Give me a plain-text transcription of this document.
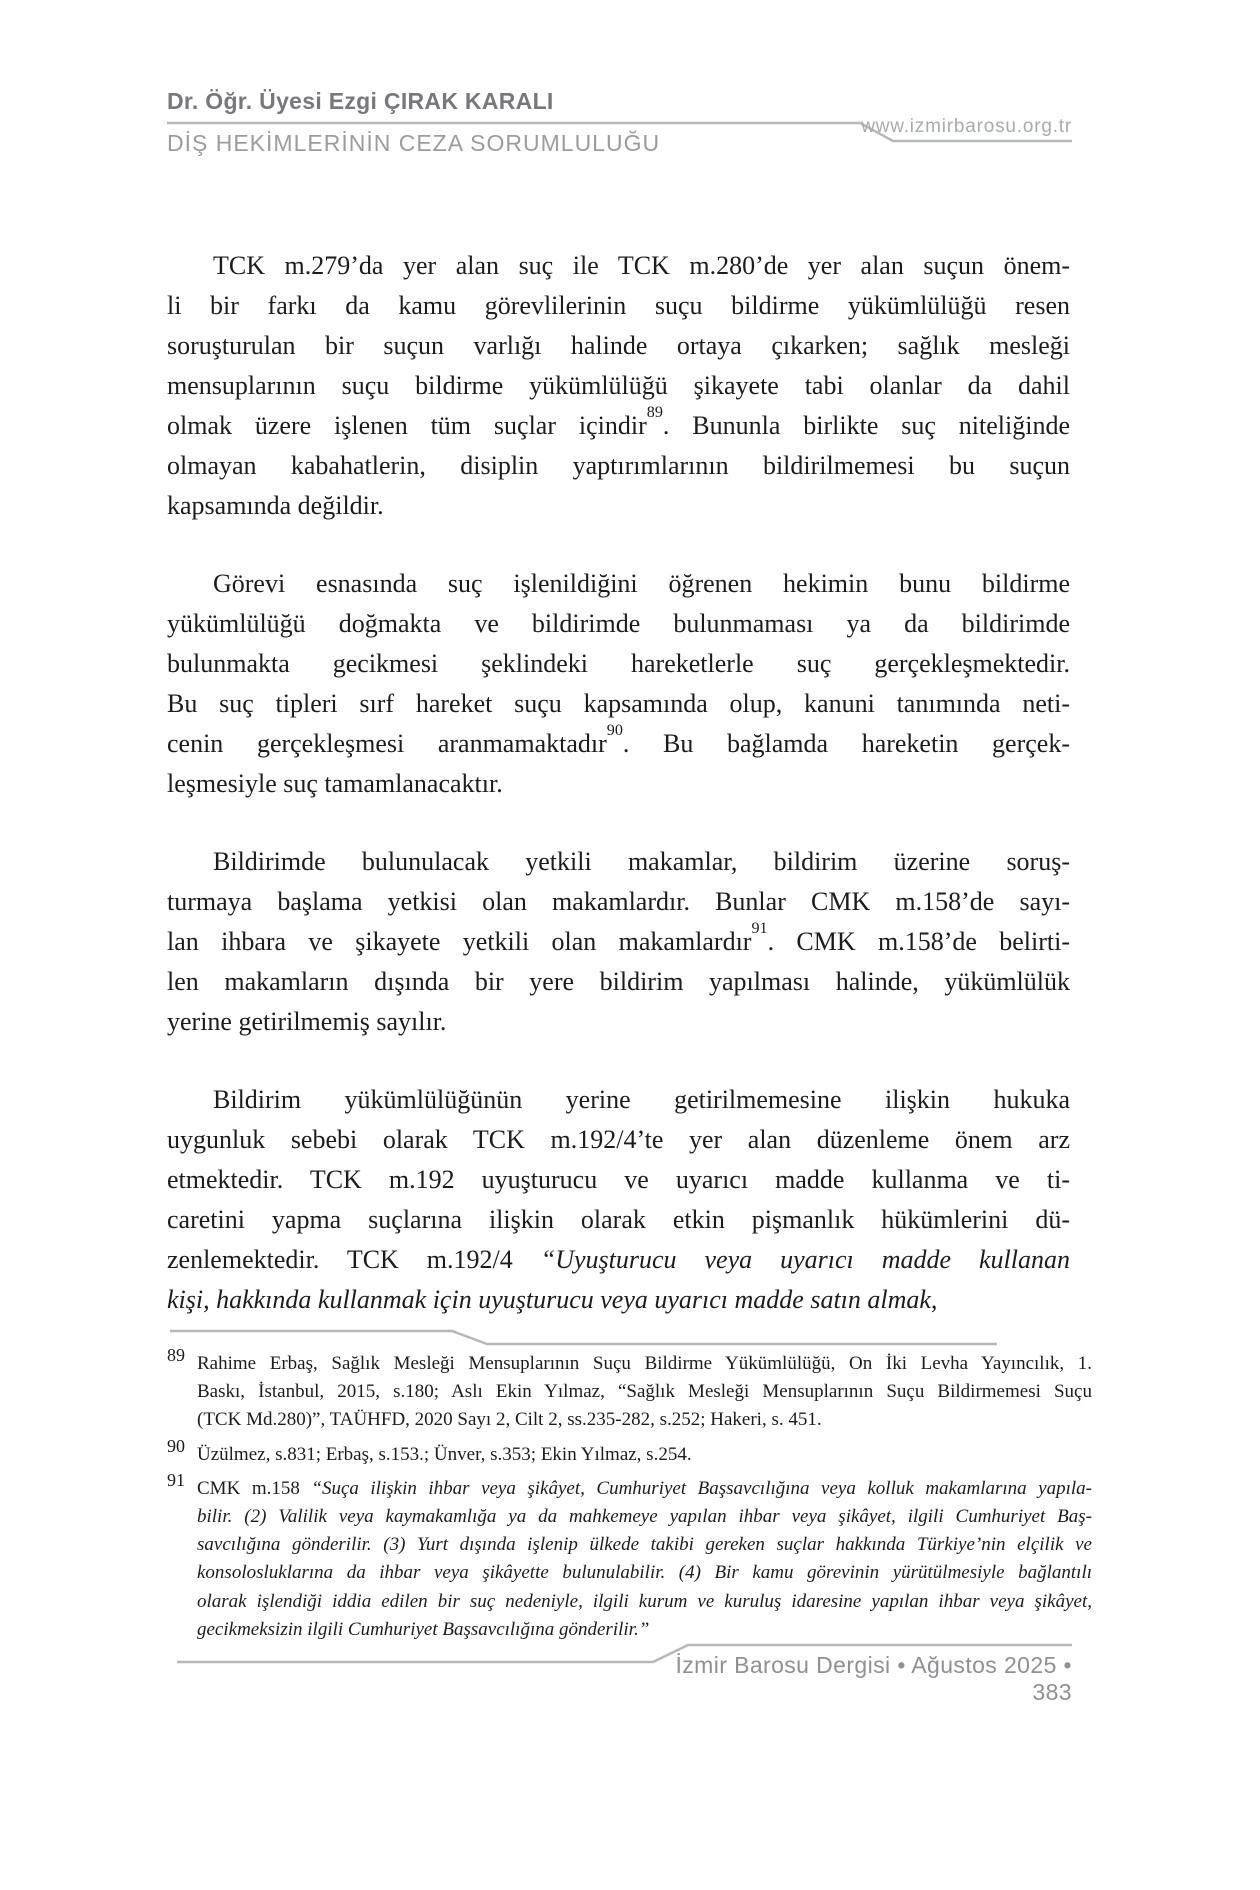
Dr. Öğr. Üyesi Ezgi ÇIRAK KARALI
www.izmirbarosu.org.tr
DİŞ HEKİMLERİNİN CEZA SORUMLULUĞU
TCK m.279’da yer alan suç ile TCK m.280’de yer alan suçun önem-
li bir farkı da kamu görevlilerinin suçu bildirme yükümlülüğü resen
soruşturulan bir suçun varlığı halinde ortaya çıkarken; sağlık mesleği
mensuplarının suçu bildirme yükümlülüğü şikayete tabi olanlar da dahil
olmak üzere işlenen tüm suçlar içindir$^{89}$. Bununla birlikte suç niteliğinde
olmayan kabahatlerin, disiplin yaptırımlarının bildirilmemesi bu suçun
kapsamında değildir.
Görevi esnasında suç işlenildiğini öğrenen hekimin bunu bildirme
yükümlülüğü doğmakta ve bildirimde bulunmaması ya da bildirimde
bulunmakta gecikmesi şeklindeki hareketlerle suç gerçekleşmektedir.
Bu suç tipleri sırf hareket suçu kapsamında olup, kanuni tanımında neti-
cenin gerçekleşmesi aranmamaktadır$^{90}$. Bu bağlamda hareketin gerçek-
leşmesiyle suç tamamlanacaktır.
Bildirimde bulunulacak yetkili makamlar, bildirim üzerine soruş-
turmaya başlama yetkisi olan makamlardır. Bunlar CMK m.158’de sayı-
lan ihbara ve şikayete yetkili olan makamlardır$^{91}$. CMK m.158’de belirti-
len makamların dışında bir yere bildirim yapılması halinde, yükümlülük
yerine getirilmemiş sayılır.
Bildirim yükümlülüğünün yerine getirilmemesine ilişkin hukuka
uygunluk sebebi olarak TCK m.192/4’te yer alan düzenleme önem arz
etmektedir. TCK m.192 uyuşturucu ve uyarıcı madde kullanma ve ti-
caretini yapma suçlarına ilişkin olarak etkin pişmanlık hükümlerini dü-
zenlemektedir. TCK m.192/4 “Uyuşturucu veya uyarıcı madde kullanan
kişi, hakkında kullanmak için uyuşturucu veya uyarıcı madde satın almak,
89 Rahime Erbaş, Sağlık Mesleği Mensuplarının Suçu Bildirme Yükümlülüğü, On İki Levha Yayıncılık, 1.
Baskı, İstanbul, 2015, s.180; Aslı Ekin Yılmaz, “Sağlık Mesleği Mensuplarının Suçu Bildirmemesi Suçu
(TCK Md.280)”, TAÜHFD, 2020 Sayı 2, Cilt 2, ss.235-282, s.252; Hakeri, s. 451.
90 Üzülmez, s.831; Erbaş, s.153.; Ünver, s.353; Ekin Yılmaz, s.254.
91 CMK m.158 “Suça ilişkin ihbar veya şikâyet, Cumhuriyet Başsavcılığına veya kolluk makamlarına yapıla-
bilir. (2) Valilik veya kaymakamlığa ya da mahkemeye yapılan ihbar veya şikâyet, ilgili Cumhuriyet Baş-
savcılığına gönderilir. (3) Yurt dışında işlenip ülkede takibi gereken suçlar hakkında Türkiye’nin elçilik ve
konsolosluklarına da ihbar veya şikâyette bulunulabilir. (4) Bir kamu görevinin yürütülmesiyle bağlantılı
olarak işlendiği iddia edilen bir suç nedeniyle, ilgili kurum ve kuruluş idaresine yapılan ihbar veya şikâyet,
gecikmeksizin ilgili Cumhuriyet Başsavcılığına gönderilir.”
İzmir Barosu Dergisi • Ağustos 2025 • 383
